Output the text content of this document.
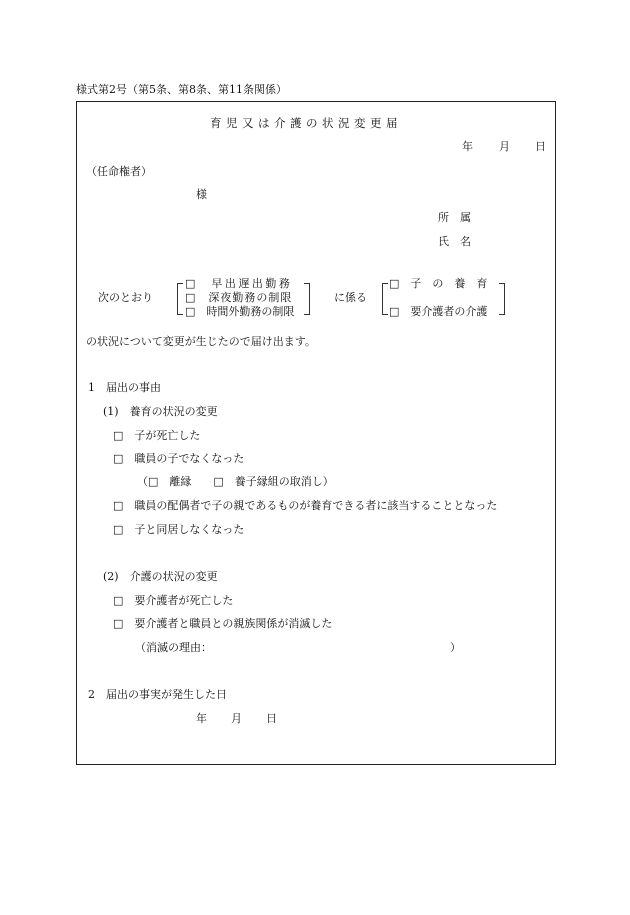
様式第2号（第5条、第8条、第11条関係）
育児又は介護の状況変更届
年 月 日
（任命権者）
様
所　属
氏　名
次のとおり
□　早出遅出勤務
□　深夜勤務の制限
□　時間外勤務の制限
に係る
□　子　の　養　育
□　要介護者の介護
の状況について変更が生じたので届け出ます。
1　届出の事由
(1)　養育の状況の変更
□　子が死亡した
□　職員の子でなくなった
（□　離縁　　□　養子縁組の取消し）
□　職員の配偶者で子の親であるものが養育できる者に該当することとなった
□　子と同居しなくなった
(2)　介護の状況の変更
□　要介護者が死亡した
□　要介護者と職員との親族関係が消滅した
（消滅の理由：	）
2　届出の事実が発生した日
年 月 日
